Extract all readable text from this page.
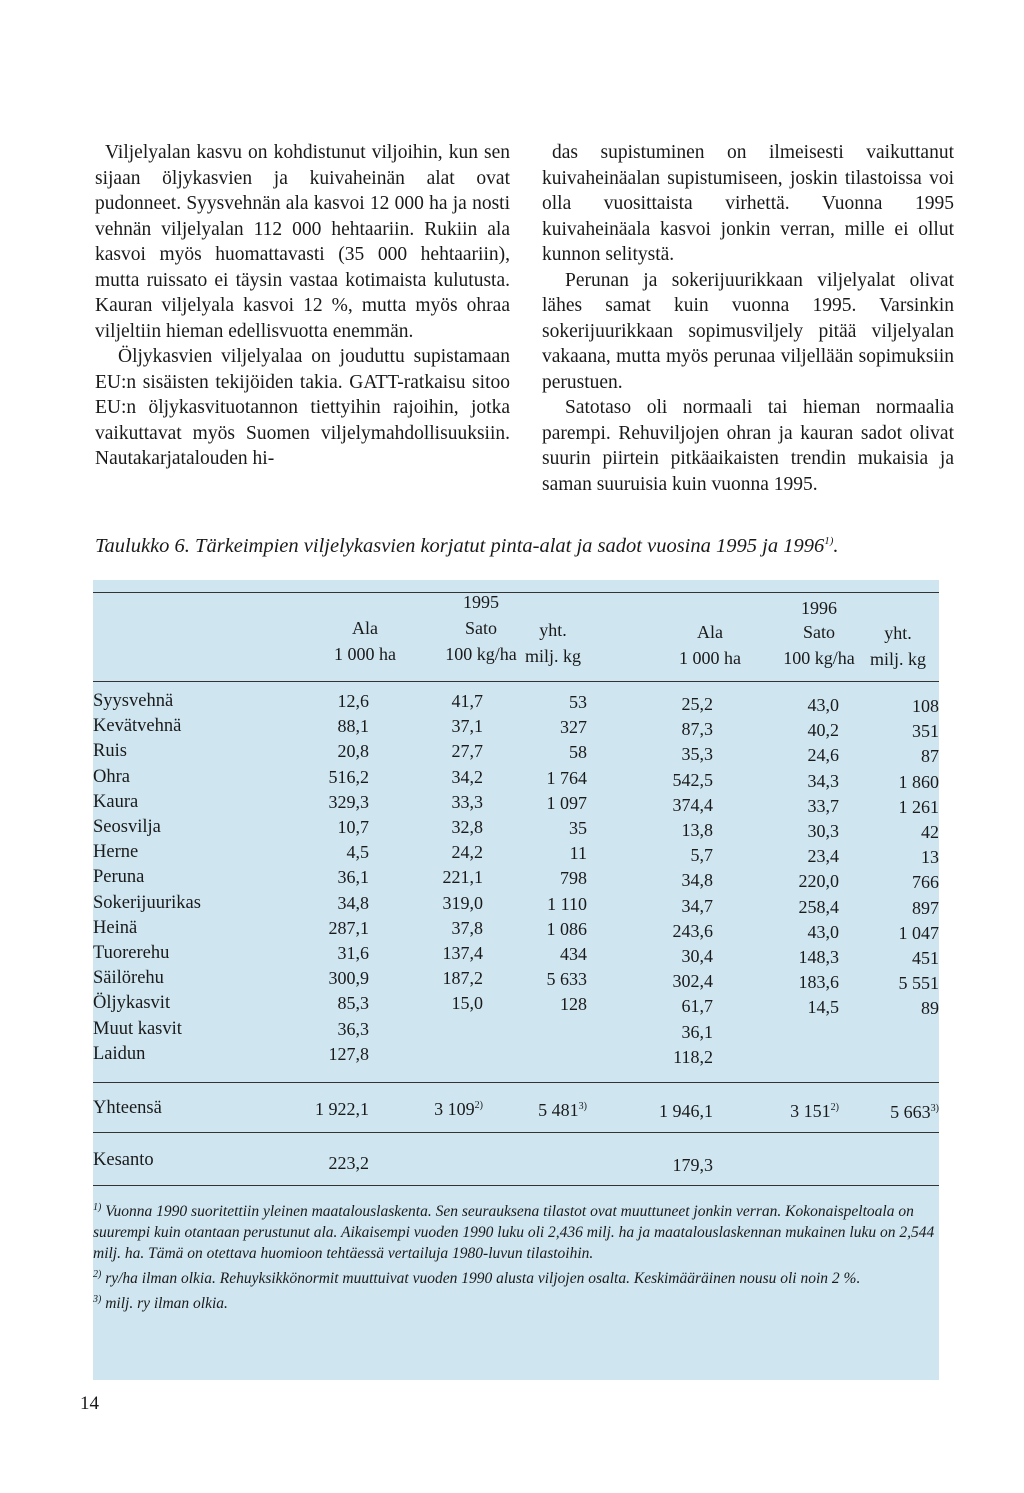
Viljelyalan kasvu on kohdistunut viljoihin, kun sen sijaan öljykasvien ja kuivaheinän alat ovat pudonneet. Syysvehnän ala kasvoi 12 000 ha ja nosti vehnän viljelyalan 112 000 hehtaariin. Rukiin ala kasvoi myös huomattavasti (35 000 hehtaariin), mutta ruissato ei täysin vastaa kotimaista kulutusta. Kauran viljelyala kasvoi 12 %, mutta myös ohraa viljeltiin hieman edellisvuotta enemmän.

Öljykasvien viljelyalaa on jouduttu supistamaan EU:n sisäisten tekijöiden takia. GATT-ratkaisu sitoo EU:n öljykasvituotannon tiettyihin rajoihin, jotka vaikuttavat myös Suomen viljelymahdollisuuksiin. Nautakarjatalouden hi-

das supistuminen on ilmeisesti vaikuttanut kuivaheinäalan supistumiseen, joskin tilastoissa voi olla vuosittaista virhettä. Vuonna 1995 kuivaheinäala kasvoi jonkin verran, mille ei ollut kunnon selitystä.

Perunan ja sokerijuurikkaan viljelyalat olivat lähes samat kuin vuonna 1995. Varsinkin sokerijuurikkaan sopimusviljely pitää viljelyalan vakaana, mutta myös perunaa viljellään sopimuksiin perustuen.

Satotaso oli normaali tai hieman normaalia parempi. Rehuviljojen ohran ja kauran sadot olivat suurin piirtein pitkäaikaisten trendin mukaisia ja saman suuruisia kuin vuonna 1995.

Taulukko 6. Tärkeimpien viljelykasvien korjatut pinta-alat ja sadot vuosina 1995 ja 1996$^{1)}$.
1995	1996
Ala	Sato	yht.	Ala	Sato	yht.
1 000 ha	100 kg/ha milj. kg	1 000 ha	100 kg/ha milj. kg
Syysvehnä	12,6	41,7	53	25,2	43,0	108
Kevätvehnä	88,1	37,1	327	87,3	40,2	351
Ruis	20,8	27,7	58	35,3	24,6	87
Ohra	516,2	34,2	1 764	542,5	34,3	1 860
Kaura	329,3	33,3	1 097	374,4	33,7	1 261
Seosvilja	10,7	32,8	35	13,8	30,3	42
Herne	4,5	24,2	11	5,7	23,4	13
Peruna	36,1	221,1	798	34,8	220,0	766
Sokerijuurikas	34,8	319,0	1 110	34,7	258,4	897
Heinä	287,1	37,8	1 086	243,6	43,0	1 047
Tuorerehu	31,6	137,4	434	30,4	148,3	451
Säilörehu	300,9	187,2	5 633	302,4	183,6	5 551
Öljykasvit	85,3	15,0	128	61,7	14,5	89
Muut kasvit	36,3	36,1
Laidun	127,8	118,2
Yhteensä	1 922,1	3 109$^{2)}$	5 481$^{3)}$	1 946,1	3 151$^{2)}$	5 663$^{3)}$
Kesanto	223,2	179,3

$^{1)}$ Vuonna 1990 suoritettiin yleinen maatalouslaskenta. Sen seurauksena tilastot ovat muuttuneet jonkin verran. Kokonaispeltoala on suurempi kuin otantaan perustunut ala. Aikaisempi vuoden 1990 luku oli 2,436 milj. ha ja maatalouslaskennan mukainen luku on 2,544 milj. ha. Tämä on otettava huomioon tehtäessä vertailuja 1980-luvun tilastoihin.

$^{2)}$ ry/ha ilman olkia. Rehuyksikkönormit muuttuivat vuoden 1990 alusta viljojen osalta. Keskimääräinen nousu oli noin 2 %.

$^{3)}$ milj. ry ilman olkia.

14
